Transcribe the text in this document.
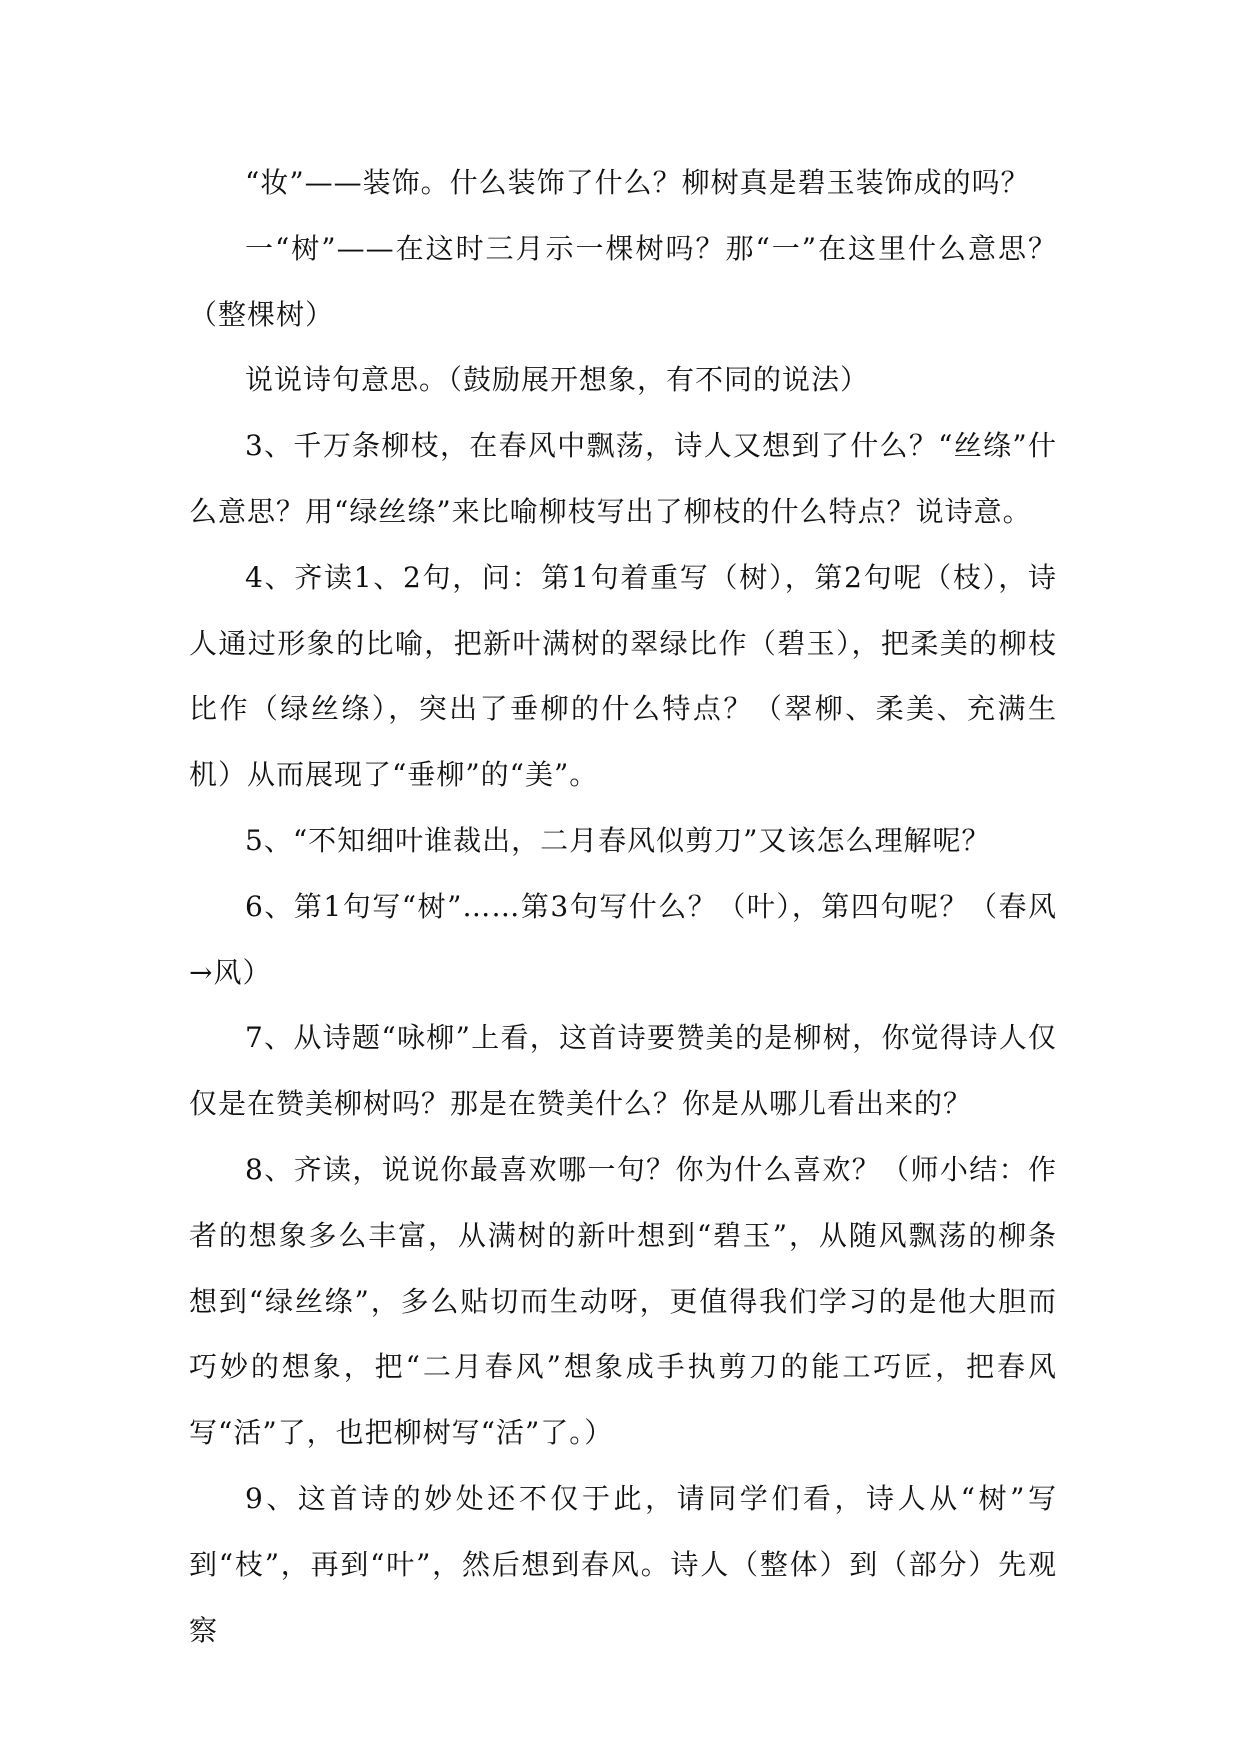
“妆”——装饰。什么装饰了什么？柳树真是碧玉装饰成的吗？

一“树”——在这时三月示一棵树吗？那“一”在这里什么意思？（整棵树）

说说诗句意思。（鼓励展开想象，有不同的说法）

3、千万条柳枝，在春风中飘荡，诗人又想到了什么？“丝绦”什么意思？用“绿丝绦”来比喻柳枝写出了柳枝的什么特点？说诗意。

4、齐读1、2句，问：第1句着重写（树），第2句呢（枝），诗人通过形象的比喻，把新叶满树的翠绿比作（碧玉），把柔美的柳枝比作（绿丝绦），突出了垂柳的什么特点？（翠柳、柔美、充满生机）从而展现了“垂柳”的“美”。

5、“不知细叶谁裁出，二月春风似剪刀”又该怎么理解呢？

6、第1句写“树”……第3句写什么？（叶），第四句呢？（春风→风）

7、从诗题“咏柳”上看，这首诗要赞美的是柳树，你觉得诗人仅仅是在赞美柳树吗？那是在赞美什么？你是从哪儿看出来的？

8、齐读，说说你最喜欢哪一句？你为什么喜欢？（师小结：作者的想象多么丰富，从满树的新叶想到“碧玉”，从随风飘荡的柳条想到“绿丝绦”，多么贴切而生动呀，更值得我们学习的是他大胆而巧妙的想象，把“二月春风”想象成手执剪刀的能工巧匠，把春风写“活”了，也把柳树写“活”了。）

9、这首诗的妙处还不仅于此，请同学们看，诗人从“树”写到“枝”，再到“叶”，然后想到春风。诗人（整体）到（部分）先观察
